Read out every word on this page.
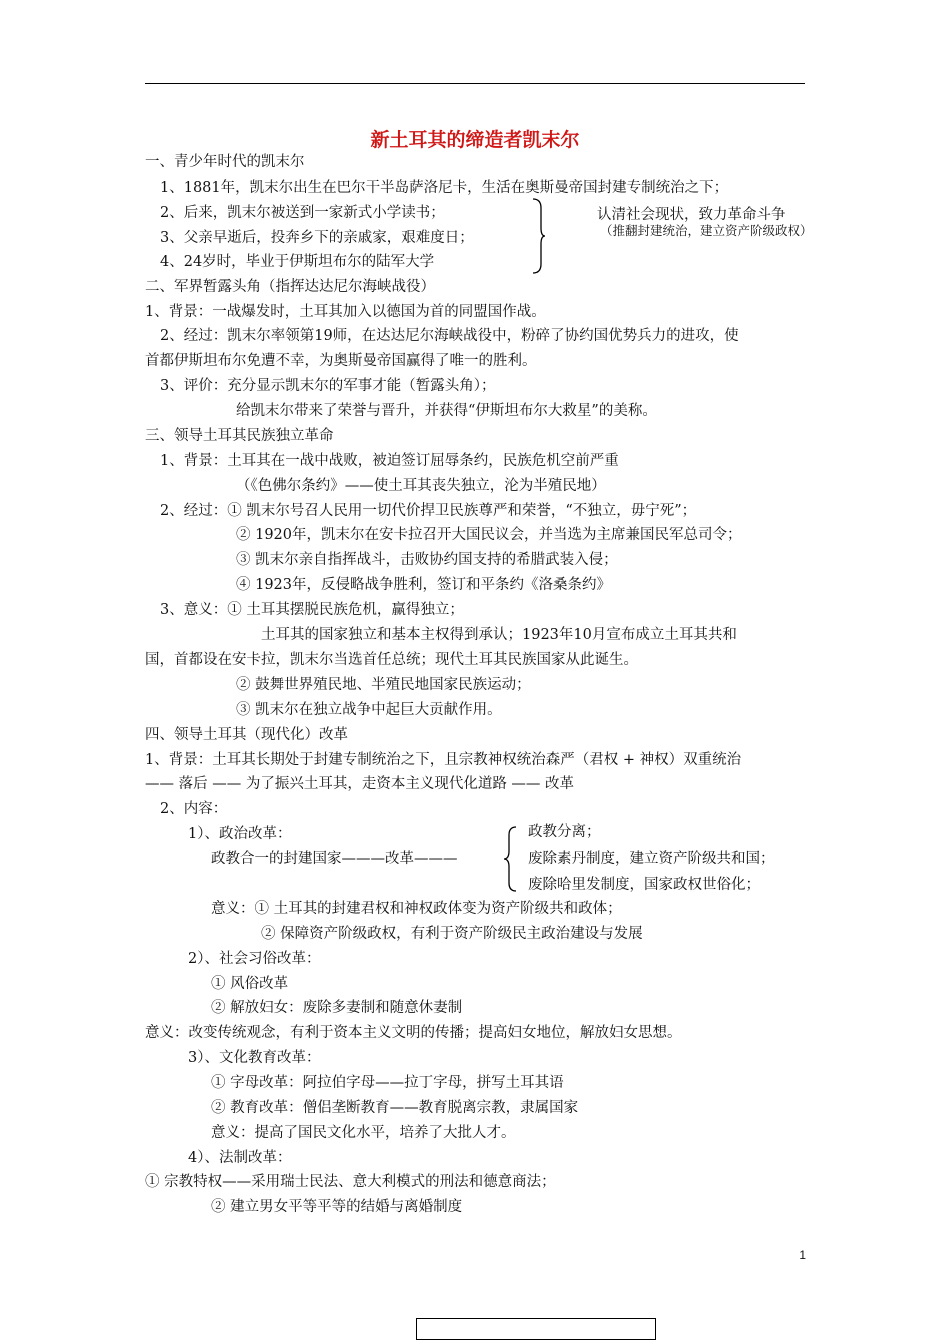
新土耳其的缔造者凯末尔
一、青少年时代的凯末尔
1、1881年，凯末尔出生在巴尔干半岛萨洛尼卡，生活在奥斯曼帝国封建专制统治之下；
2、后来，凯末尔被送到一家新式小学读书；
3、父亲早逝后，投奔乡下的亲戚家，艰难度日；
4、24岁时，毕业于伊斯坦布尔的陆军大学
认清社会现状，致力革命斗争
（推翻封建统治，建立资产阶级政权）
二、军界暂露头角（指挥达达尼尔海峡战役）
1、背景：一战爆发时，土耳其加入以德国为首的同盟国作战。
2、经过：凯末尔率领第19师，在达达尼尔海峡战役中，粉碎了协约国优势兵力的进攻，使
首都伊斯坦布尔免遭不幸，为奥斯曼帝国赢得了唯一的胜利。
3、评价：充分显示凯末尔的军事才能（暂露头角）；
给凯末尔带来了荣誉与晋升，并获得“伊斯坦布尔大救星”的美称。
三、领导土耳其民族独立革命
1、背景：土耳其在一战中战败，被迫签订屈辱条约，民族危机空前严重
（《色佛尔条约》——使土耳其丧失独立，沦为半殖民地）
2、经过：① 凯末尔号召人民用一切代价捍卫民族尊严和荣誉，“不独立，毋宁死”；
② 1920年，凯末尔在安卡拉召开大国民议会，并当选为主席兼国民军总司令；
③ 凯末尔亲自指挥战斗，击败协约国支持的希腊武装入侵；
④ 1923年，反侵略战争胜利，签订和平条约《洛桑条约》
3、意义：① 土耳其摆脱民族危机，赢得独立；
土耳其的国家独立和基本主权得到承认；1923年10月宣布成立土耳其共和
国，首都设在安卡拉，凯末尔当选首任总统；现代土耳其民族国家从此诞生。
② 鼓舞世界殖民地、半殖民地国家民族运动；
③ 凯末尔在独立战争中起巨大贡献作用。
四、领导土耳其（现代化）改革
1、背景：土耳其长期处于封建专制统治之下，且宗教神权统治森严（君权 + 神权）双重统治
—— 落后 —— 为了振兴土耳其，走资本主义现代化道路 —— 改革
2、内容：
1）、政治改革：
政教合一的封建国家———改革———
政教分离；
废除素丹制度，建立资产阶级共和国；
废除哈里发制度，国家政权世俗化；
意义：① 土耳其的封建君权和神权政体变为资产阶级共和政体；
② 保障资产阶级政权，有利于资产阶级民主政治建设与发展
2）、社会习俗改革：
① 风俗改革
② 解放妇女：废除多妻制和随意休妻制
意义：改变传统观念，有利于资本主义文明的传播；提高妇女地位，解放妇女思想。
3）、文化教育改革：
① 字母改革：阿拉伯字母——拉丁字母，拼写土耳其语
② 教育改革：僧侣垄断教育——教育脱离宗教，隶属国家
意义：提高了国民文化水平，培养了大批人才。
4）、法制改革：
① 宗教特权——采用瑞士民法、意大利模式的刑法和德意商法；
② 建立男女平等平等的结婚与离婚制度
1
